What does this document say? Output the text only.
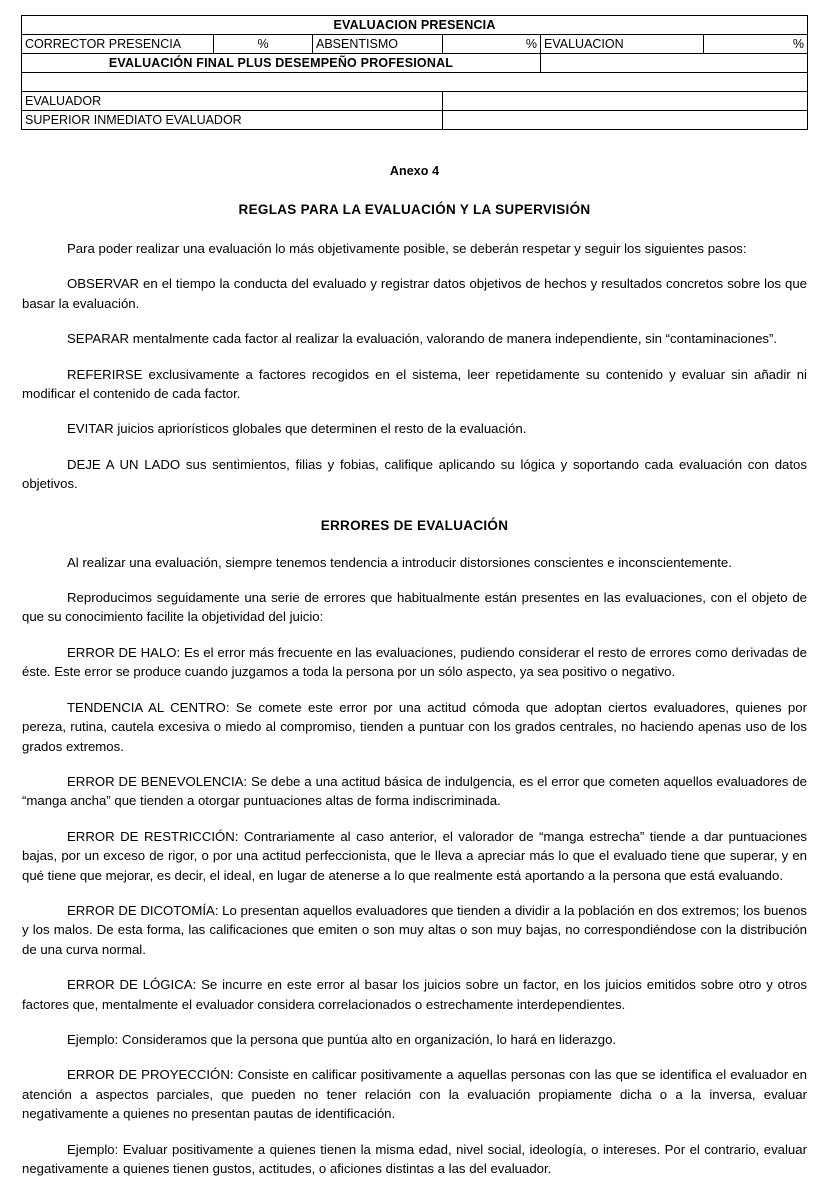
EVALUACION PRESENCIA					
CORRECTOR PRESENCIA	%	ABSENTISMO	%	EVALUACION	%
EVALUACIÓN FINAL PLUS DESEMPEÑO PROFESIONAL					

EVALUADOR					
SUPERIOR INMEDIATO EVALUADOR					
Anexo 4
REGLAS PARA LA EVALUACIÓN Y LA SUPERVISIÓN

Para poder realizar una evaluación lo más objetivamente posible, se deberán respetar y seguir los siguientes pasos:

OBSERVAR en el tiempo la conducta del evaluado y registrar datos objetivos de hechos y resultados concretos sobre los que basar la evaluación.

SEPARAR mentalmente cada factor al realizar la evaluación, valorando de manera independiente, sin “contaminaciones”.

REFERIRSE exclusivamente a factores recogidos en el sistema, leer repetidamente su contenido y evaluar sin añadir ni modificar el contenido de cada factor.

EVITAR juicios apriorísticos globales que determinen el resto de la evaluación.

DEJE A UN LADO sus sentimientos, filias y fobias, califique aplicando su lógica y soportando cada evaluación con datos objetivos.

ERRORES DE EVALUACIÓN

Al realizar una evaluación, siempre tenemos tendencia a introducir distorsiones conscientes e inconscientemente.

Reproducimos seguidamente una serie de errores que habitualmente están presentes en las evaluaciones, con el objeto de que su conocimiento facilite la objetividad del juicio:

ERROR DE HALO: Es el error más frecuente en las evaluaciones, pudiendo considerar el resto de errores como derivadas de éste. Este error se produce cuando juzgamos a toda la persona por un sólo aspecto, ya sea positivo o negativo.

TENDENCIA AL CENTRO: Se comete este error por una actitud cómoda que adoptan ciertos evaluadores, quienes por pereza, rutina, cautela excesiva o miedo al compromiso, tienden a puntuar con los grados centrales, no haciendo apenas uso de los grados extremos.

ERROR DE BENEVOLENCIA: Se debe a una actitud básica de indulgencia, es el error que cometen aquellos evaluadores de “manga ancha” que tienden a otorgar puntuaciones altas de forma indiscriminada.

ERROR DE RESTRICCIÓN: Contrariamente al caso anterior, el valorador de “manga estrecha” tiende a dar puntuaciones bajas, por un exceso de rigor, o por una actitud perfeccionista, que le lleva a apreciar más lo que el evaluado tiene que superar, y en qué tiene que mejorar, es decir, el ideal, en lugar de atenerse a lo que realmente está aportando a la persona que está evaluando.

ERROR DE DICOTOMÍA: Lo presentan aquellos evaluadores que tienden a dividir a la población en dos extremos; los buenos y los malos. De esta forma, las calificaciones que emiten o son muy altas o son muy bajas, no correspondiéndose con la distribución de una curva normal.

ERROR DE LÓGICA: Se incurre en este error al basar los juicios sobre un factor, en los juicios emitidos sobre otro y otros factores que, mentalmente el evaluador considera correlacionados o estrechamente interdependientes.

Ejemplo: Consideramos que la persona que puntúa alto en organización, lo hará en liderazgo.

ERROR DE PROYECCIÓN: Consiste en calificar positivamente a aquellas personas con las que se identifica el evaluador en atención a aspectos parciales, que pueden no tener relación con la evaluación propiamente dicha o a la inversa, evaluar negativamente a quienes no presentan pautas de identificación.

Ejemplo: Evaluar positivamente a quienes tienen la misma edad, nivel social, ideología, o intereses. Por el contrario, evaluar negativamente a quienes tienen gustos, actitudes, o aficiones distintas a las del evaluador.
